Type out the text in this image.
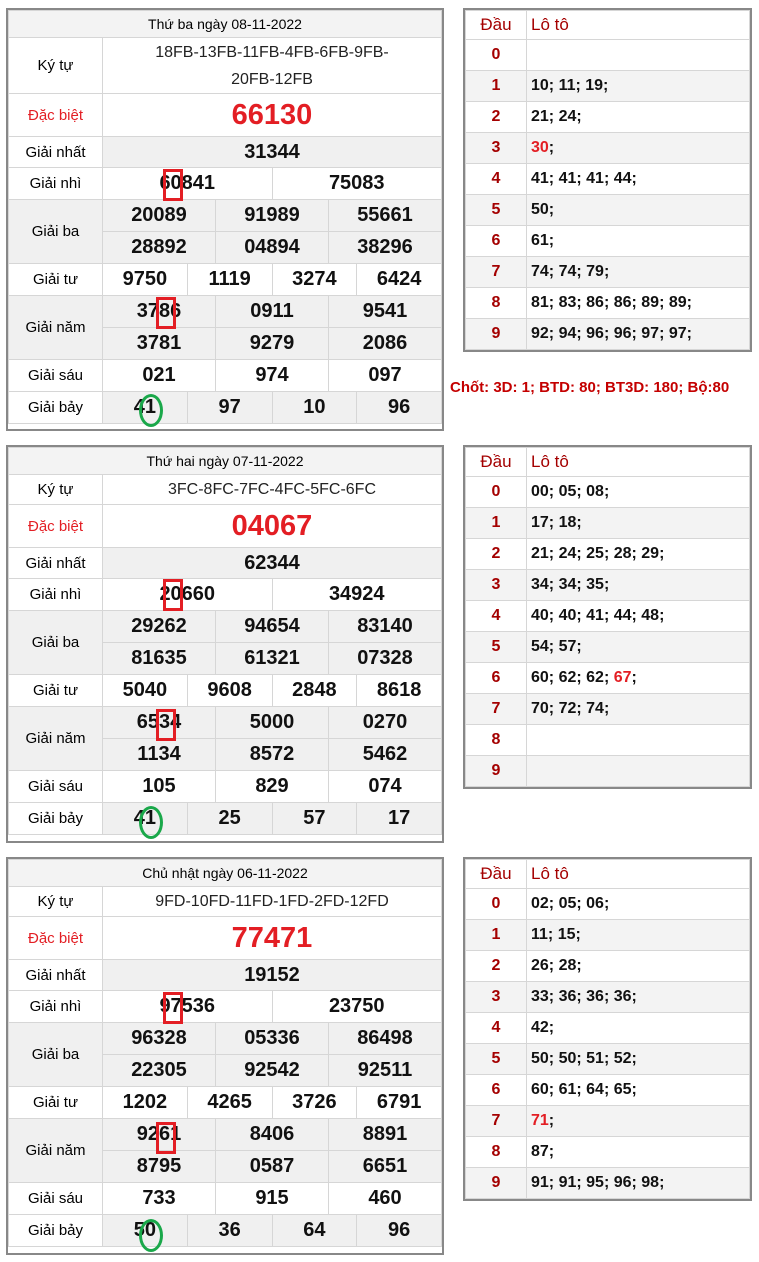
Thứ ba ngày 08-11-2022						
Ký tự	18FB-13FB-11FB-4FB-6FB-9FB-20FB-12FB					
Đặc biệt	66130					
Giải nhất	31344					
Giải nhì	60841			75083		
Giải ba	20089		91989		55661	
	28892		04894		38296	
Giải tư	9750	1119		3274		6424
Giải năm	3786		0911		9541	
	3781		9279		2086	
Giải sáu	021		974		097	
Giải bảy	41	97		10		96
Đầu	Lô tô
0	
1	10; 11; 19;
2	21; 24;
3	30;
4	41; 41; 41; 44;
5	50;
6	61;
7	74; 74; 79;
8	81; 83; 86; 86; 89; 89;
9	92; 94; 96; 96; 97; 97;
Chốt: 3D: 1; BTD: 80; BT3D: 180; Bộ:80
Thứ hai ngày 07-11-2022						
Ký tự	3FC-8FC-7FC-4FC-5FC-6FC					
Đặc biệt	04067					
Giải nhất	62344					
Giải nhì	20660			34924		
Giải ba	29262		94654		83140	
	81635		61321		07328	
Giải tư	5040	9608		2848		8618
Giải năm	6534		5000		0270	
	1134		8572		5462	
Giải sáu	105		829		074	
Giải bảy	41	25		57		17
Đầu	Lô tô
0	00; 05; 08;
1	17; 18;
2	21; 24; 25; 28; 29;
3	34; 34; 35;
4	40; 40; 41; 44; 48;
5	54; 57;
6	60; 62; 62; 67;
7	70; 72; 74;
8	
9	
Chủ nhật ngày 06-11-2022						
Ký tự	9FD-10FD-11FD-1FD-2FD-12FD					
Đặc biệt	77471					
Giải nhất	19152					
Giải nhì	97536			23750		
Giải ba	96328		05336		86498	
	22305		92542		92511	
Giải tư	1202	4265		3726		6791
Giải năm	9261		8406		8891	
	8795		0587		6651	
Giải sáu	733		915		460	
Giải bảy	50	36		64		96
Đầu	Lô tô
0	02; 05; 06;
1	11; 15;
2	26; 28;
3	33; 36; 36; 36;
4	42;
5	50; 50; 51; 52;
6	60; 61; 64; 65;
7	71;
8	87;
9	91; 91; 95; 96; 98;
